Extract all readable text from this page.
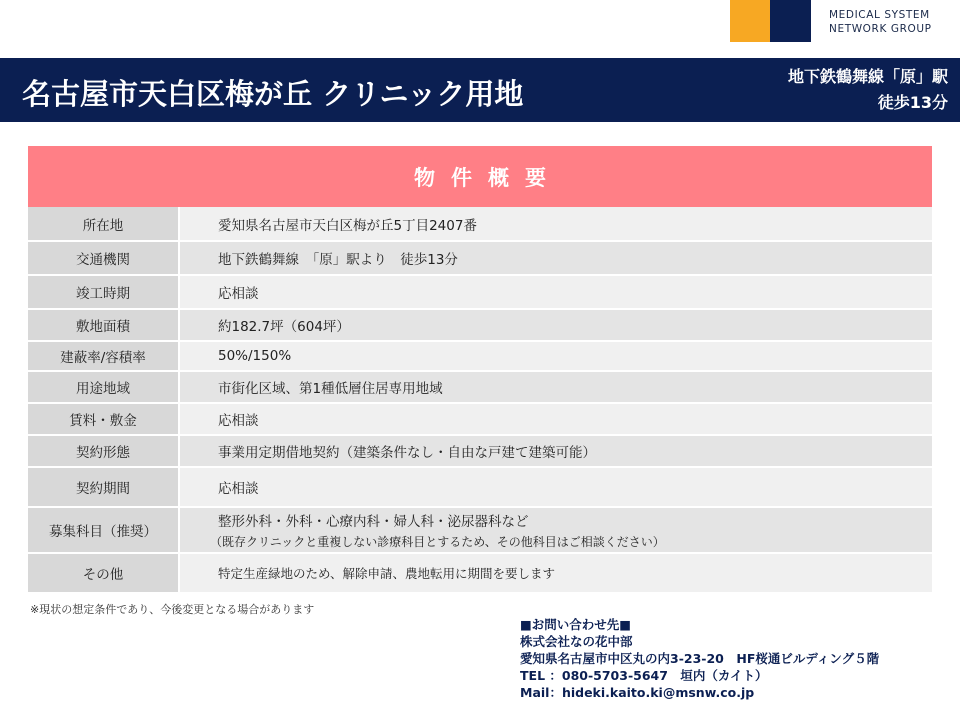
MEDICAL SYSTEM
NETWORK GROUP
名古屋市天白区梅が丘 クリニック用地
地下鉄鶴舞線「原」駅
徒歩13分
物件概要
所在地	愛知県名古屋市天白区梅が丘5丁目2407番
交通機関	地下鉄鶴舞線　「原」駅より　徒歩13分
竣工時期	応相談
敷地面積	約182.7坪（604坪）
建蔽率/容積率	50%/150%
用途地域	市街化区域、第1種低層住居専用地域
賃料・敷金	応相談
契約形態	事業用定期借地契約（建築条件なし・自由な戸建て建築可能）
契約期間	応相談
募集科目（推奨）	整形外科・外科・心療内科・婦人科・泌尿器科など
（既存クリニックと重複しない診療科目とするため、その他科目はご相談ください）

その他	特定生産緑地のため、解除申請、農地転用に期間を要します
※現状の想定条件であり、今後変更となる場合があります
■お問い合わせ先■
株式会社なの花中部
愛知県名古屋市中区丸の内3-23-20　HF桜通ビルディング５階
TEL ：080-5703-5647　垣内（カイト）
Mail：hideki.kaito.ki@msnw.co.jp
